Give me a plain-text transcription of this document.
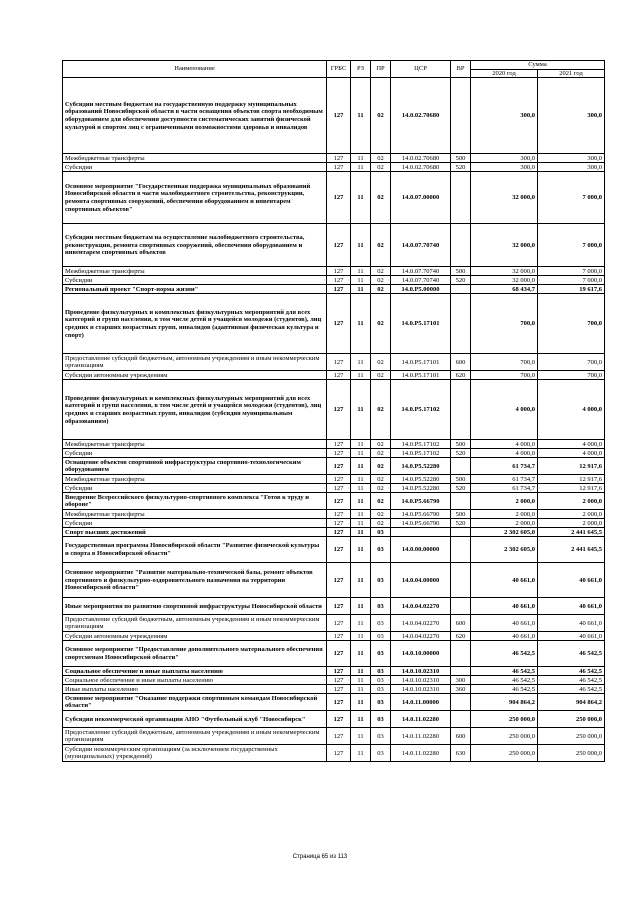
Наименование	ГРБС	РЗ	ПР	ЦСР	ВР	Сумма	
						2020 год	2021 год
Субсидии местным бюджетам на государственную поддержку муниципальных образований Новосибирской области в части оснащения объектов спорта необходимым оборудованием для обеспечения доступности систематических занятий физической культурой и спортом лиц с ограниченными возможностями здоровья и инвалидов	127	11	02	14.0.02.70680		300,0	300,0
Межбюджетные трансферты	127	11	02	14.0.02.70680	500	300,0	300,0
Субсидии	127	11	02	14.0.02.70680	520	300,0	300,0
Основное мероприятие "Государственная поддержка муниципальных образований Новосибирской области в части малобюджетного строительства, реконструкции, ремонта спортивных сооружений, обеспечения оборудованием и инвентарем спортивных объектов"	127	11	02	14.0.07.00000		32 000,0	7 000,0
Субсидии местным бюджетам на осуществление малобюджетного строительства, реконструкции, ремонта спортивных сооружений, обеспечения оборудованием и инвентарем спортивных объектов	127	11	02	14.0.07.70740		32 000,0	7 000,0
Межбюджетные трансферты	127	11	02	14.0.07.70740	500	32 000,0	7 000,0
Субсидии	127	11	02	14.0.07.70740	520	32 000,0	7 000,0
Региональный проект "Спорт-норма жизни"	127	11	02	14.0.P5.00000		68 434,7	19 617,6
Проведение физкультурных и комплексных физкультурных мероприятий для всех категорий и групп населения, в том числе детей и учащейся молодежи (студентов), лиц средних и старших возрастных групп, инвалидов (адаптивная физическая культура и спорт)	127	11	02	14.0.P5.17101		700,0	700,0
Предоставление субсидий бюджетным, автономным учреждениям и иным некоммерческим организациям	127	11	02	14.0.P5.17101	600	700,0	700,0
Субсидии автономным учреждениям	127	11	02	14.0.P5.17101	620	700,0	700,0
Проведение физкультурных и комплексных физкультурных мероприятий для всех категорий и групп населения, в том числе детей и учащейся молодежи (студентов), лиц средних и старших возрастных групп, инвалидов (субсидия муниципальным образованиям)	127	11	02	14.0.P5.17102		4 000,0	4 000,0
Межбюджетные трансферты	127	11	02	14.0.P5.17102	500	4 000,0	4 000,0
Субсидии	127	11	02	14.0.P5.17102	520	4 000,0	4 000,0
Оснащение объектов спортивной инфраструктуры спортивно-технологическим оборудованием	127	11	02	14.0.P5.52280		61 734,7	12 917,6
Межбюджетные трансферты	127	11	02	14.0.P5.52280	500	61 734,7	12 917,6
Субсидии	127	11	02	14.0.P5.52280	520	61 734,7	12 917,6
Внедрение Всероссийского физкультурно-спортивного комплекса "Готов к труду и обороне"	127	11	02	14.0.P5.66790		2 000,0	2 000,0
Межбюджетные трансферты	127	11	02	14.0.P5.66790	500	2 000,0	2 000,0
Субсидии	127	11	02	14.0.P5.66790	520	2 000,0	2 000,0
Спорт высших достижений	127	11	03			2 302 605,0	2 441 645,5
Государственная программа Новосибирской области "Развитие физической культуры и спорта в Новосибирской области"	127	11	03	14.0.00.00000		2 302 605,0	2 441 645,5
Основное мероприятие "Развитие материально-технической базы, ремонт объектов спортивного и физкультурно-оздоровительного назначения на территории Новосибирской области"	127	11	03	14.0.04.00000		40 661,0	40 661,0
Иные мероприятия по развитию спортивной инфраструктуры Новосибирской области	127	11	03	14.0.04.02270		40 661,0	40 661,0
Предоставление субсидий бюджетным, автономным учреждениям и иным некоммерческим организациям	127	11	03	14.0.04.02270	600	40 661,0	40 661,0
Субсидии автономным учреждениям	127	11	03	14.0.04.02270	620	40 661,0	40 661,0
Основное мероприятие "Предоставление дополнительного материального обеспечения спортсменам Новосибирской области"	127	11	03	14.0.10.00000		46 542,5	46 542,5
Социальное обеспечение и иные выплаты населению	127	11	03	14.0.10.02310		46 542,5	46 542,5
Социальное обеспечение и иные выплаты населению	127	11	03	14.0.10.02310	300	46 542,5	46 542,5
Иные выплаты населению	127	11	03	14.0.10.02310	360	46 542,5	46 542,5
Основное мероприятие "Оказание поддержки спортивным командам Новосибирской области"	127	11	03	14.0.11.00000		904 864,2	904 864,2
Субсидия некоммерческой организации АНО "Футбольный клуб "Новосибирск"	127	11	03	14.0.11.02280		250 000,0	250 000,0
Предоставление субсидий бюджетным, автономным учреждениям и иным некоммерческим организациям	127	11	03	14.0.11.02280	600	250 000,0	250 000,0
Субсидии некоммерческим организациям (за исключением государственных (муниципальных) учреждений)	127	11	03	14.0.11.02280	630	250 000,0	250 000,0
Страница 65 из 113
